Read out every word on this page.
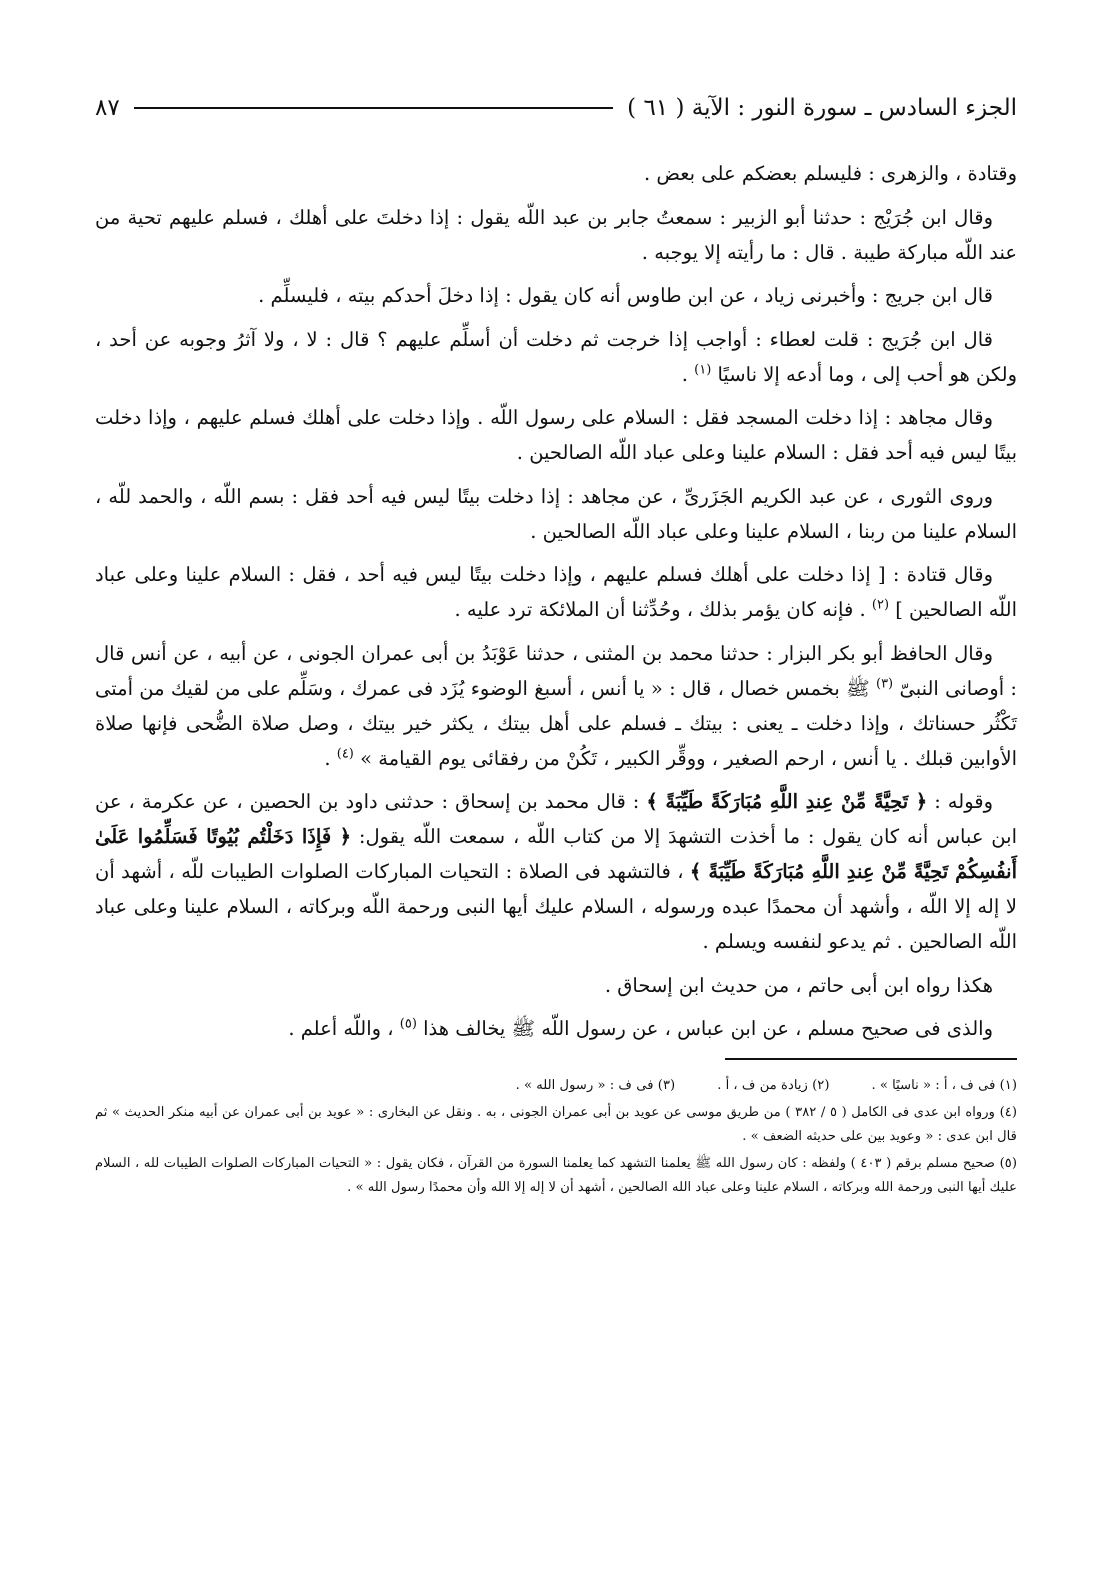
الجزء السادس ـ سورة النور : الآية ( ٦١ )
٨٧

وقتادة ، والزهرى : فليسلم بعضكم على بعض .

وقال ابن جُرَيْج : حدثنا أبو الزبير : سمعتُ جابر بن عبد اللّه يقول : إذا دخلتَ على أهلك ، فسلم عليهم تحية من عند اللّه مباركة طيبة . قال : ما رأيته إلا يوجبه .

قال ابن جريج : وأخبرنى زياد ، عن ابن طاوس أنه كان يقول : إذا دخلَ أحدكم بيته ، فليسلِّم .

قال ابن جُرَيج : قلت لعطاء : أواجب إذا خرجت ثم دخلت أن أسلِّم عليهم ؟ قال : لا ، ولا آثرُ وجوبه عن أحد ، ولكن هو أحب إلى ، وما أدعه إلا ناسيًا $^{(١)}$ .

وقال مجاهد : إذا دخلت المسجد فقل : السلام على رسول اللّه . وإذا دخلت على أهلك فسلم عليهم ، وإذا دخلت بيتًا ليس فيه أحد فقل : السلام علينا وعلى عباد اللّه الصالحين .

وروى الثورى ، عن عبد الكريم الجَزَرىِّ ، عن مجاهد : إذا دخلت بيتًا ليس فيه أحد فقل : بسم اللّه ، والحمد للّه ، السلام علينا من ربنا ، السلام علينا وعلى عباد اللّه الصالحين .

وقال قتادة : [ إذا دخلت على أهلك فسلم عليهم ، وإذا دخلت بيتًا ليس فيه أحد ، فقل : السلام علينا وعلى عباد اللّه الصالحين ] $^{(٢)}$ . فإنه كان يؤمر بذلك ، وحُدِّثنا أن الملائكة ترد عليه .

وقال الحافظ أبو بكر البزار : حدثنا محمد بن المثنى ، حدثنا عَوْبَدُ بن أبى عمران الجونى ، عن أبيه ، عن أنس قال : أوصانى النبىّ $^{(٣)}$ ﷺ بخمس خصال ، قال : « يا أنس ، أسبغ الوضوء يُزَد فى عمرك ، وسَلِّم على من لقيك من أمتى تَكْثُر حسناتك ، وإذا دخلت ـ يعنى : بيتك ـ فسلم على أهل بيتك ، يكثر خير بيتك ، وصل صلاة الضُّحى فإنها صلاة الأوابين قبلك . يا أنس ، ارحم الصغير ، ووقِّر الكبير ، تَكُنْ من رفقائى يوم القيامة » $^{(٤)}$ .

وقوله : ﴿ تَحِيَّةً مِّنْ عِندِ اللَّهِ مُبَارَكَةً طَيِّبَةً ﴾ : قال محمد بن إسحاق : حدثنى داود بن الحصين ، عن عكرمة ، عن ابن عباس أنه كان يقول : ما أخذت التشهدَ إلا من كتاب اللّه ، سمعت اللّه يقول: ﴿ فَإِذَا دَخَلْتُم بُيُوتًا فَسَلِّمُوا عَلَىٰ أَنفُسِكُمْ تَحِيَّةً مِّنْ عِندِ اللَّهِ مُبَارَكَةً طَيِّبَةً ﴾ ، فالتشهد فى الصلاة : التحيات المباركات الصلوات الطيبات للّه ، أشهد أن لا إله إلا اللّه ، وأشهد أن محمدًا عبده ورسوله ، السلام عليك أيها النبى ورحمة اللّه وبركاته ، السلام علينا وعلى عباد اللّه الصالحين . ثم يدعو لنفسه ويسلم .

هكذا رواه ابن أبى حاتم ، من حديث ابن إسحاق .

والذى فى صحيح مسلم ، عن ابن عباس ، عن رسول اللّه ﷺ يخالف هذا $^{(٥)}$ ، واللّه أعلم .

(١) فى ف ، أ : « ناسيًا » .
(٢) زيادة من ف ، أ .
(٣) فى ف : « رسول الله » .

(٤) ورواه ابن عدى فى الكامل ( ٥ / ٣٨٢ ) من طريق موسى عن عويد بن أبى عمران الجونى ، به . ونقل عن البخارى : « عويد بن أبى عمران عن أبيه منكر الحديث » ثم قال ابن عدى : « وعويد بين على حديثه الضعف » .

(٥) صحيح مسلم برقم ( ٤٠٣ ) ولفظه : كان رسول الله ﷺ يعلمنا التشهد كما يعلمنا السورة من القرآن ، فكان يقول : « التحيات المباركات الصلوات الطيبات لله ، السلام عليك أيها النبى ورحمة الله وبركاته ، السلام علينا وعلى عباد الله الصالحين ، أشهد أن لا إله إلا الله وأن محمدًا رسول الله » .
